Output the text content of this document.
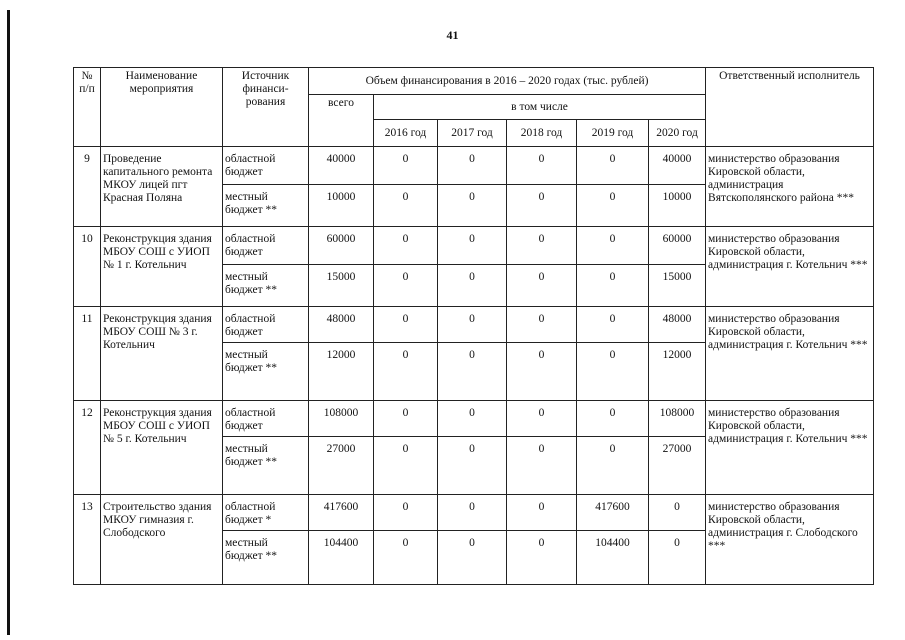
41
№ п/п	Наименование мероприятия	Источник финанси-рования	Объем финансирования в 2016 – 2020 годах (тыс. рублей)						Ответственный исполнитель
			всего	в том числе					
				2016 год	2017 год	2018 год	2019 год	2020 год	
9	Проведение капитального ремонта МКОУ лицей пгт Красная Поляна	областной бюджет	40000	0	0	0	0	40000	министерство образования Кировской области, администрация Вятскополянского района ***
		местный бюджет **	10000	0	0	0	0	10000	
10	Реконструкция здания МБОУ СОШ с УИОП № 1 г. Котельнич	областной бюджет	60000	0	0	0	0	60000	министерство образования Кировской области, администрация г. Котельнич ***
		местный бюджет **	15000	0	0	0	0	15000	
11	Реконструкция здания МБОУ СОШ № 3 г. Котельнич	областной бюджет	48000	0	0	0	0	48000	министерство образования Кировской области, администрация г. Котельнич ***
		местный бюджет **	12000	0	0	0	0	12000	
12	Реконструкция здания МБОУ СОШ с УИОП № 5 г. Котельнич	областной бюджет	108000	0	0	0	0	108000	министерство образования Кировской области, администрация г. Котельнич ***
		местный бюджет **	27000	0	0	0	0	27000	
13	Строительство здания МКОУ гимназия г. Слободского	областной бюджет *	417600	0	0	0	417600	0	министерство образования Кировской области, администрация г. Слободского ***
		местный бюджет **	104400	0	0	0	104400	0	
